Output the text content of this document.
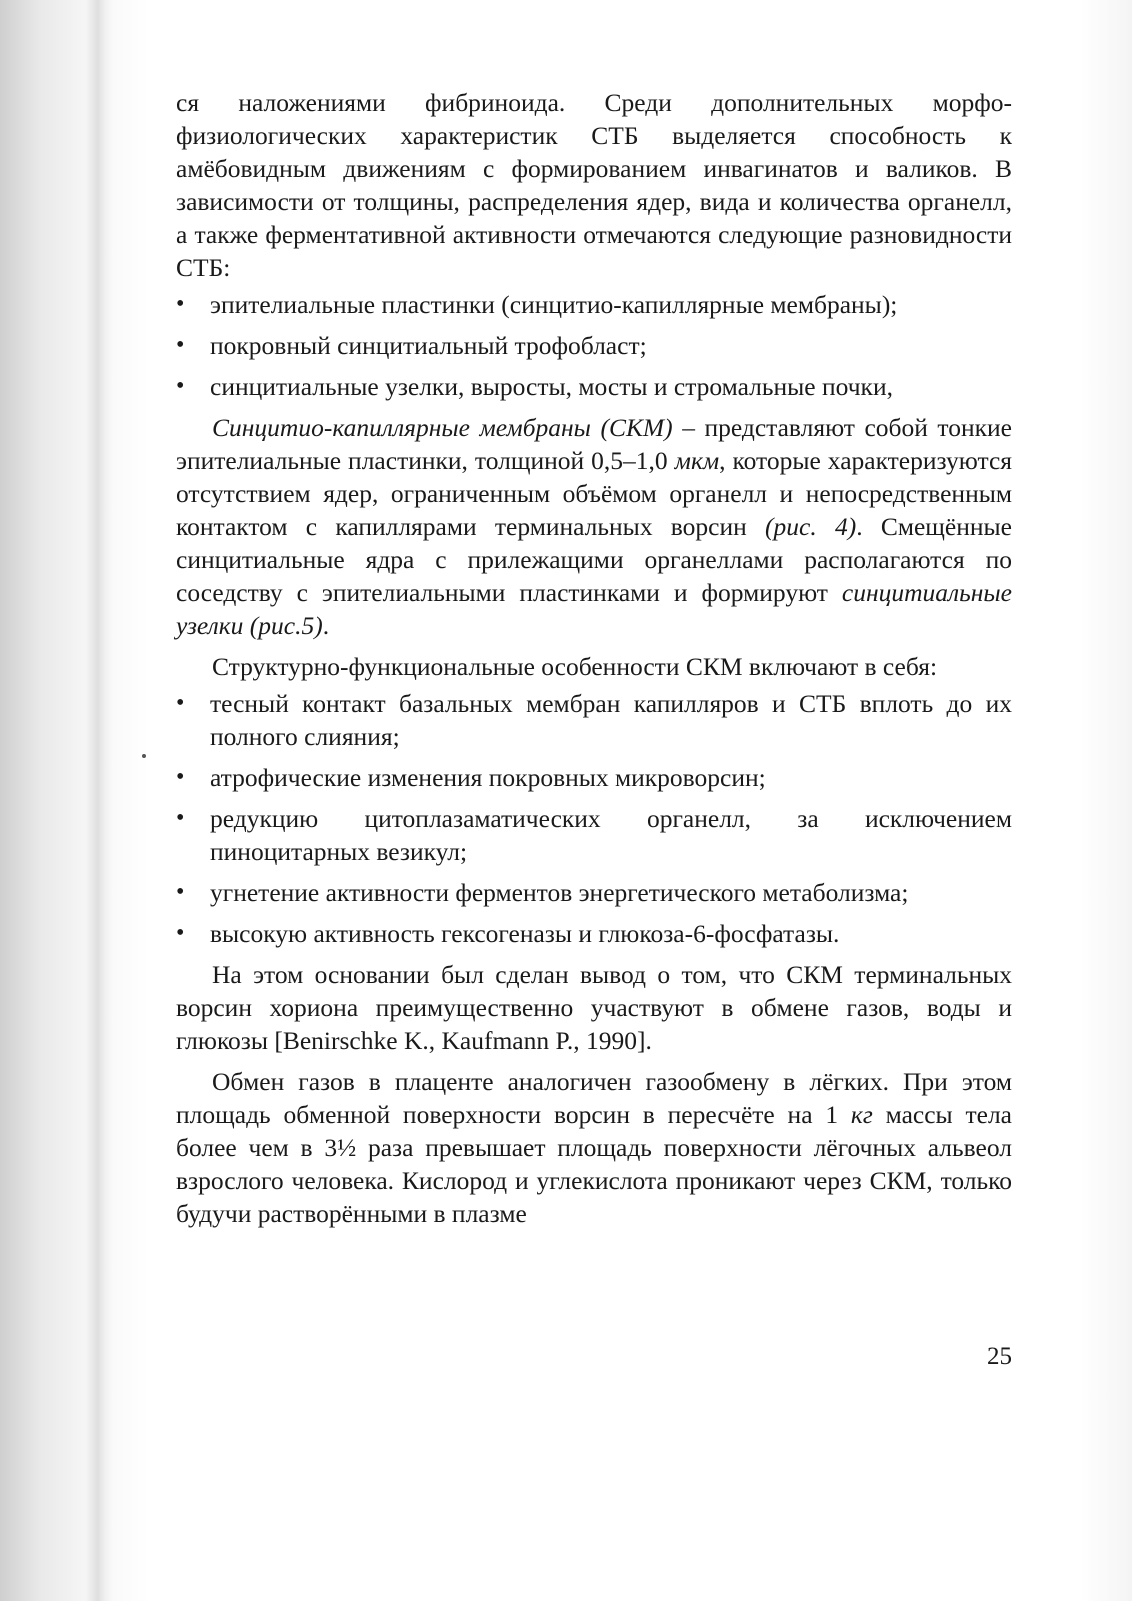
ся наложениями фибриноида. Среди дополнительных морфо-физиологических характеристик СТБ выделяется способность к амёбовидным движениям с формированием инвагинатов и валиков. В зависимости от толщины, распределения ядер, вида и количества органелл, а также ферментативной активности отмечаются следующие разновидности СТБ:

• эпителиальные пластинки (синцитио-капиллярные мембраны);
• покровный синцитиальный трофобласт;
• синцитиальные узелки, выросты, мосты и стромальные почки,

Синцитио-капиллярные мембраны (СКМ) – представляют собой тонкие эпителиальные пластинки, толщиной 0,5–1,0 мкм, которые характеризуются отсутствием ядер, ограниченным объёмом органелл и непосредственным контактом с капиллярами терминальных ворсин (рис. 4). Смещённые синцитиальные ядра с прилежащими органеллами располагаются по соседству с эпителиальными пластинками и формируют синцитиальные узелки (рис.5).

Структурно-функциональные особенности СКМ включают в себя:

• тесный контакт базальных мембран капилляров и СТБ вплоть до их полного слияния;
• атрофические изменения покровных микроворсин;
• редукцию цитоплазаматических органелл, за исключением пиноцитарных везикул;
• угнетение активности ферментов энергетического метаболизма;
• высокую активность гексогеназы и глюкоза-6-фосфатазы.

На этом основании был сделан вывод о том, что СКМ терминальных ворсин хориона преимущественно участвуют в обмене газов, воды и глюкозы [Benirschke K., Kaufmann P., 1990].

Обмен газов в плаценте аналогичен газообмену в лёгких. При этом площадь обменной поверхности ворсин в пересчёте на 1 кг массы тела более чем в 3½ раза превышает площадь поверхности лёгочных альвеол взрослого человека. Кислород и углекислота проникают через СКМ, только будучи растворёнными в плазме

25
